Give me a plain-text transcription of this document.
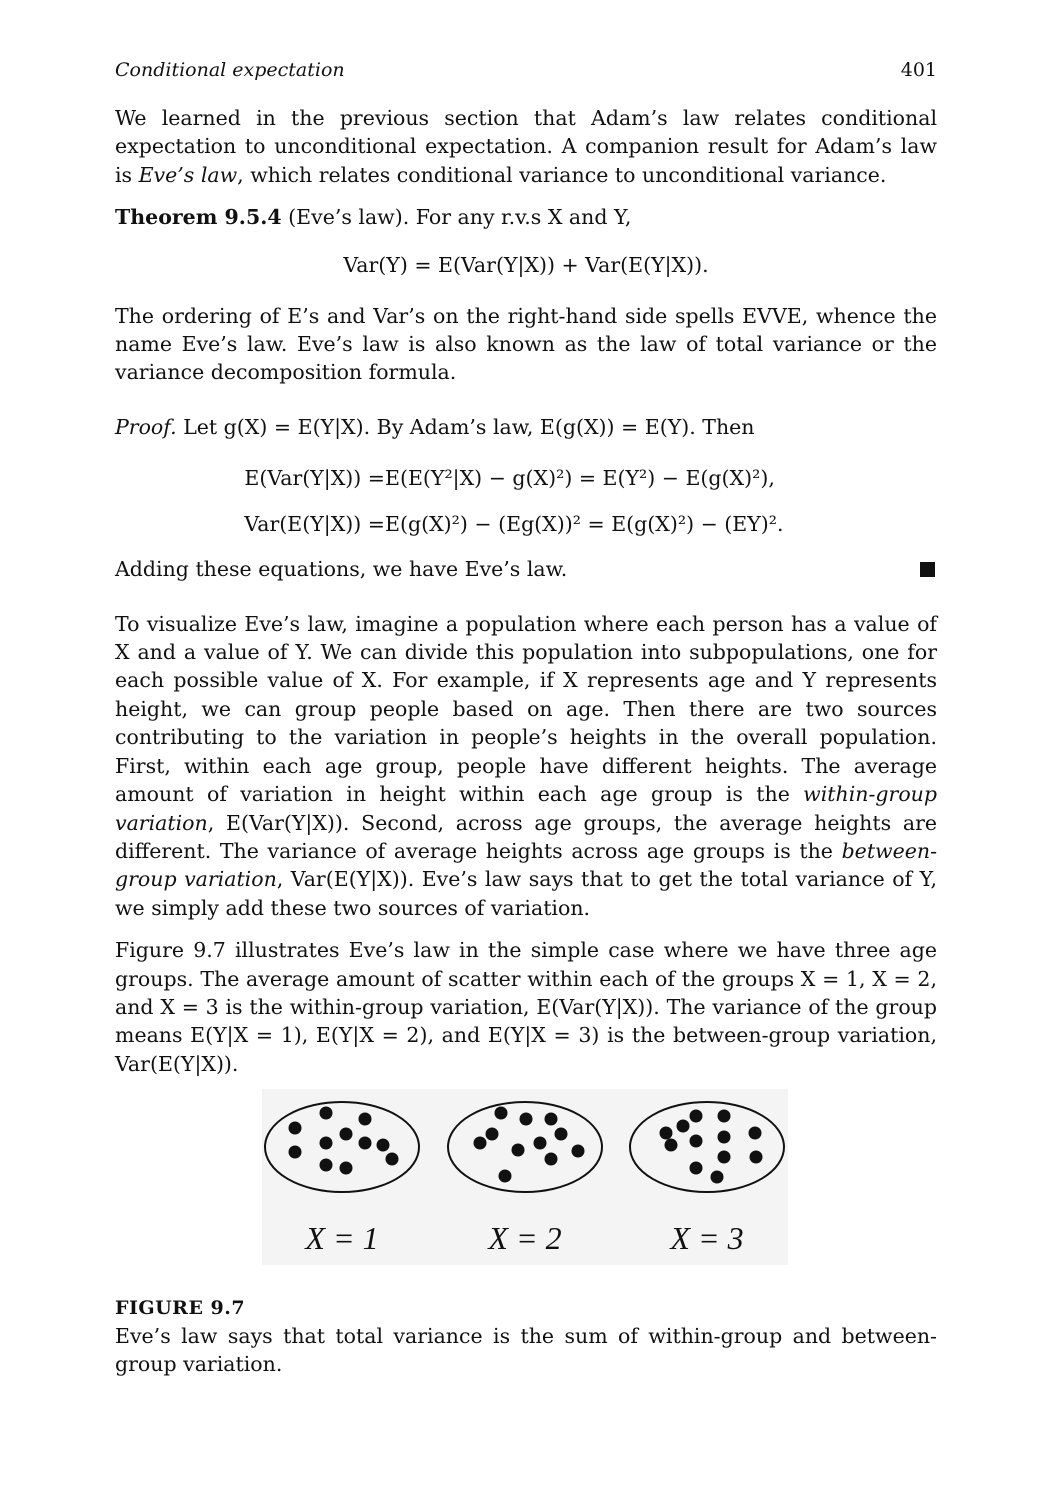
Conditional expectation	401

We learned in the previous section that Adam’s law relates conditional expectation to unconditional expectation. A companion result for Adam’s law is Eve’s law, which relates conditional variance to unconditional variance.

Theorem 9.5.4 (Eve’s law). For any r.v.s X and Y,

Var(Y) = E(Var(Y|X)) + Var(E(Y|X)).

The ordering of E’s and Var’s on the right-hand side spells EVVE, whence the name Eve’s law. Eve’s law is also known as the law of total variance or the variance decomposition formula.

Proof. Let g(X) = E(Y|X). By Adam’s law, E(g(X)) = E(Y). Then

E(Var(Y|X)) = E(E(Y²|X) − g(X)²) = E(Y²) − E(g(X)²),
Var(E(Y|X)) = E(g(X)²) − (Eg(X))² = E(g(X)²) − (EY)².

Adding these equations, we have Eve’s law.

To visualize Eve’s law, imagine a population where each person has a value of X and a value of Y. We can divide this population into subpopulations, one for each possible value of X. For example, if X represents age and Y represents height, we can group people based on age. Then there are two sources contributing to the variation in people’s heights in the overall population. First, within each age group, people have different heights. The average amount of variation in height within each age group is the within-group variation, E(Var(Y|X)). Second, across age groups, the average heights are different. The variance of average heights across age groups is the between-group variation, Var(E(Y|X)). Eve’s law says that to get the total variance of Y, we simply add these two sources of variation.

Figure 9.7 illustrates Eve’s law in the simple case where we have three age groups. The average amount of scatter within each of the groups X = 1, X = 2, and X = 3 is the within-group variation, E(Var(Y|X)). The variance of the group means E(Y|X = 1), E(Y|X = 2), and E(Y|X = 3) is the between-group variation, Var(E(Y|X)).

X = 1	X = 2	X = 3
FIGURE 9.7

Eve’s law says that total variance is the sum of within-group and between-group variation.
